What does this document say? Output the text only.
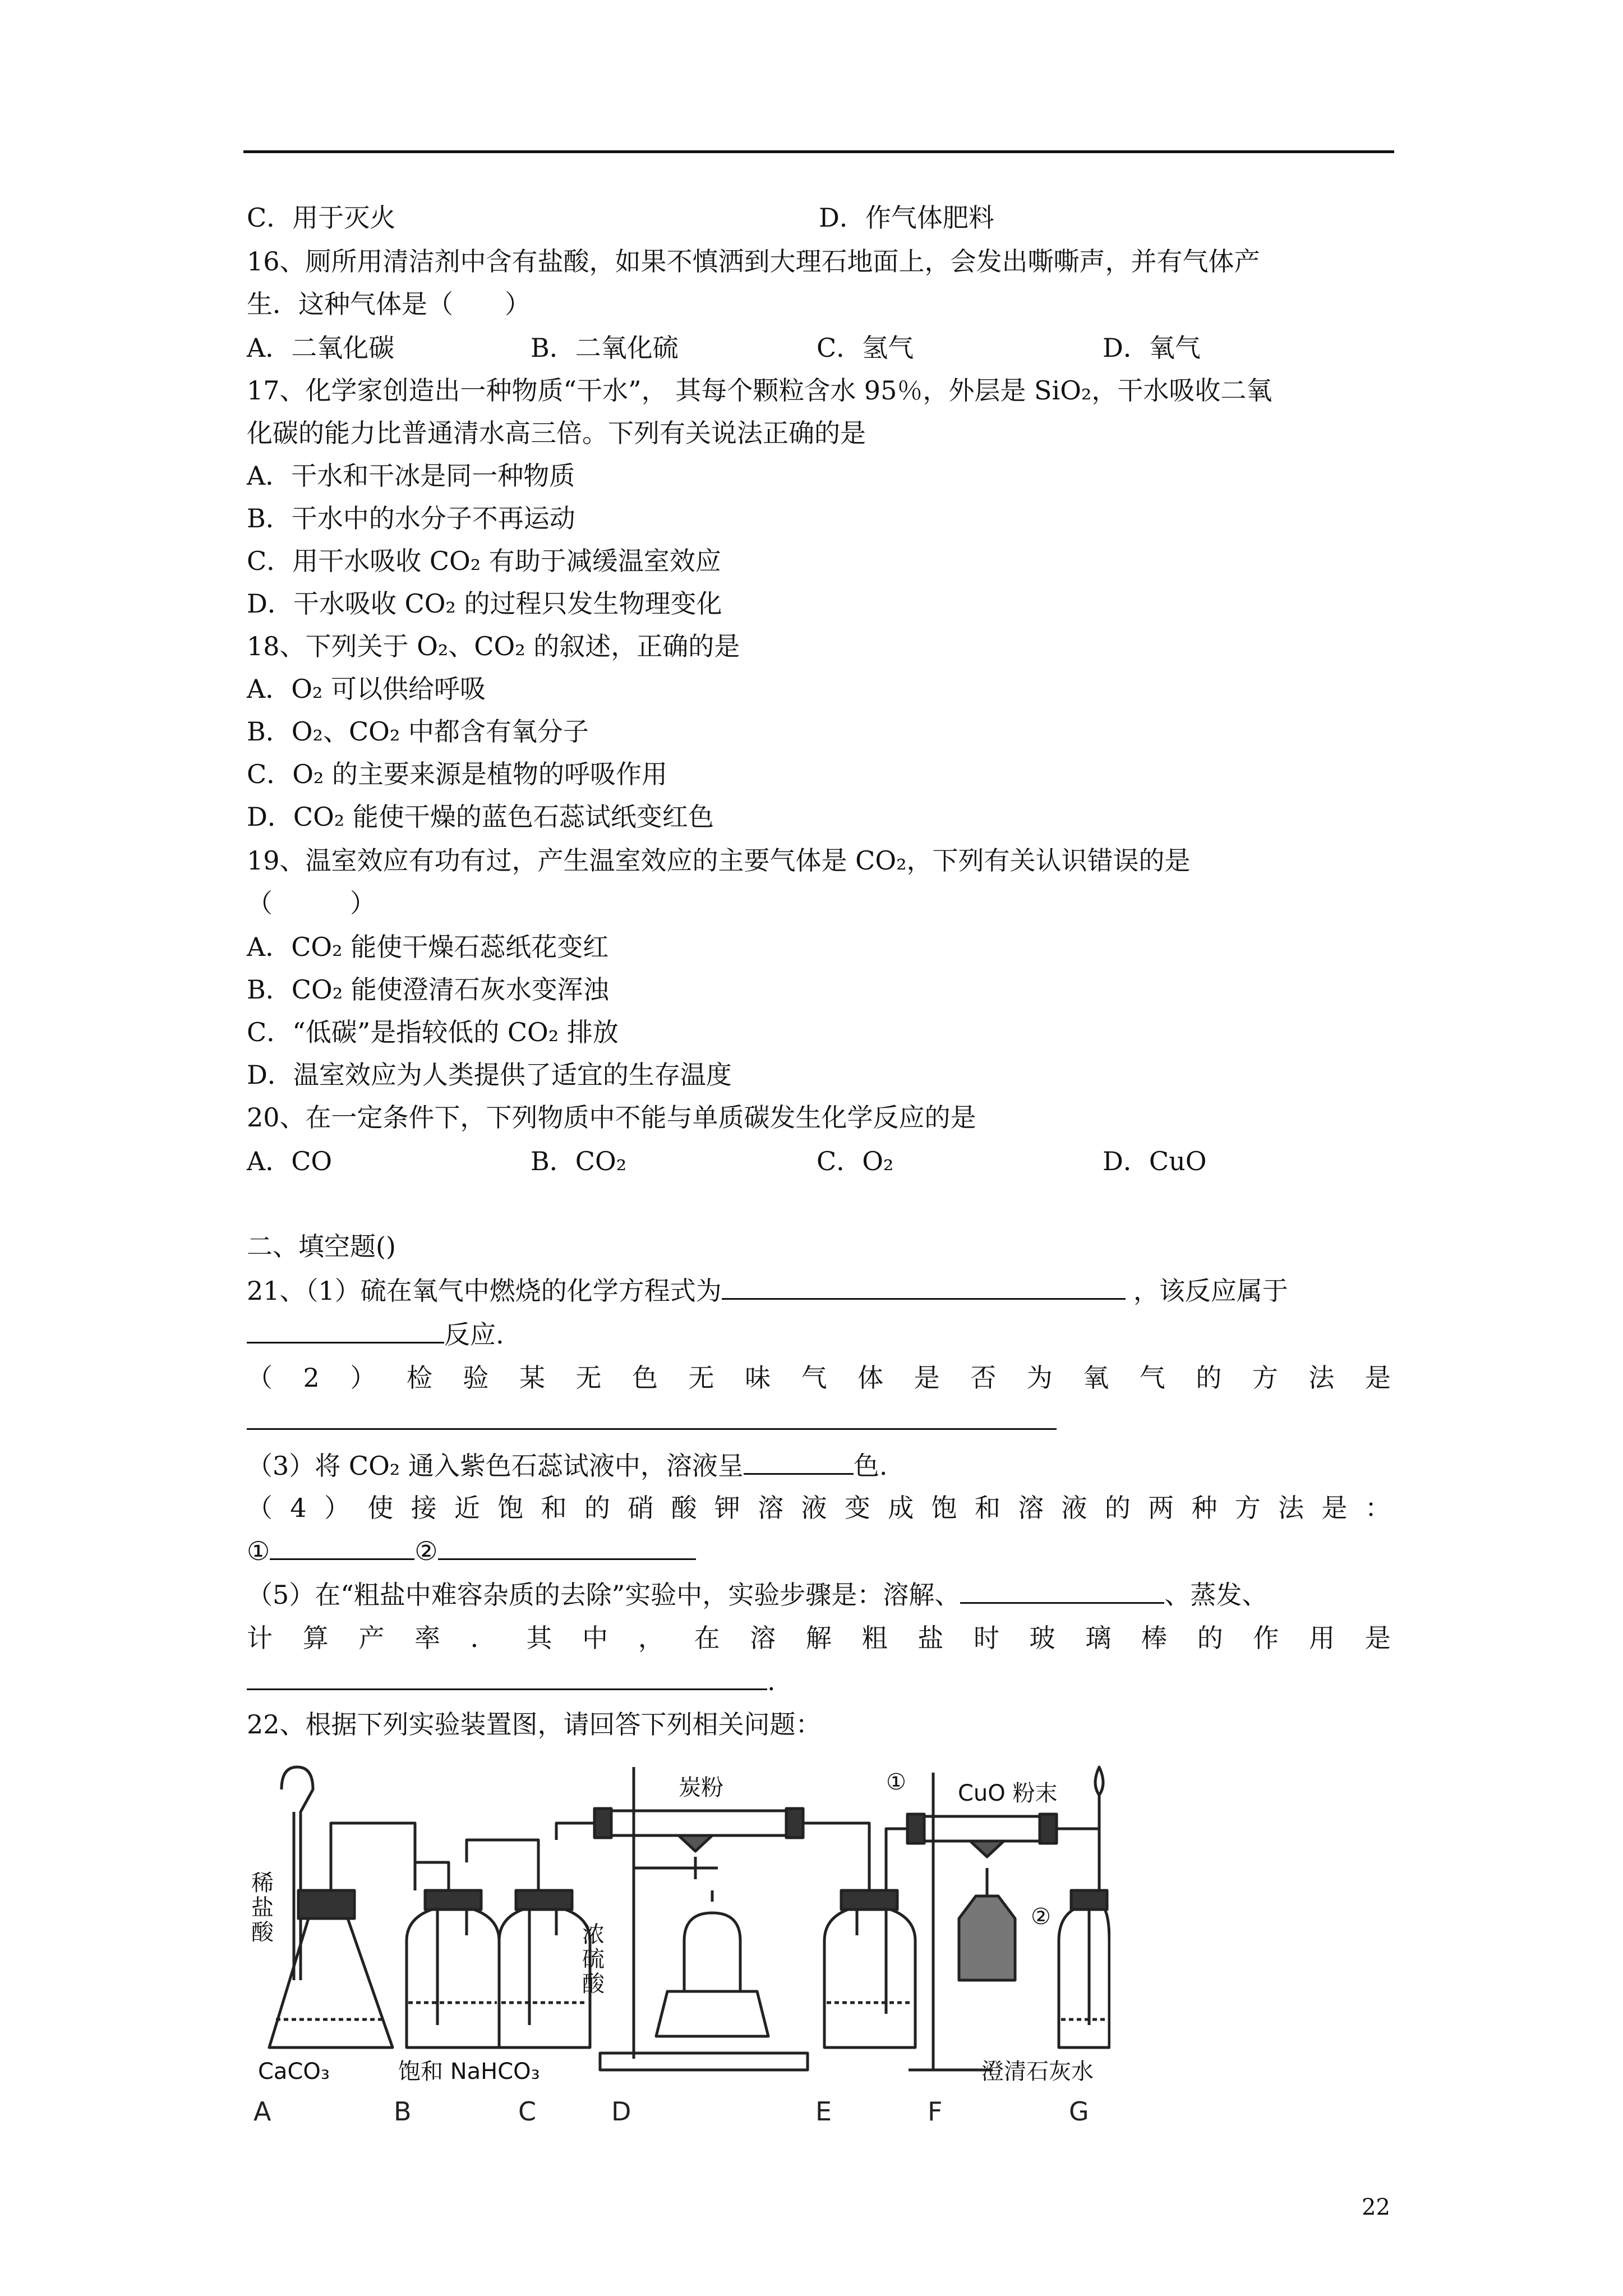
C．用于灭火	D．作气体肥料
16、厕所用清洁剂中含有盐酸，如果不慎洒到大理石地面上，会发出嘶嘶声，并有气体产
生．这种气体是（　　）
A．二氧化碳	B．二氧化硫	C．氢气	D．氧气
17、化学家创造出一种物质“干水”， 其每个颗粒含水 95％，外层是 SiO₂，干水吸收二氧
化碳的能力比普通清水高三倍。下列有关说法正确的是
A．干水和干冰是同一种物质
B．干水中的水分子不再运动
C．用干水吸收 CO₂ 有助于减缓温室效应
D．干水吸收 CO₂ 的过程只发生物理变化
18、下列关于 O₂、CO₂ 的叙述，正确的是
A．O₂ 可以供给呼吸
B．O₂、CO₂ 中都含有氧分子
C．O₂ 的主要来源是植物的呼吸作用
D．CO₂ 能使干燥的蓝色石蕊试纸变红色
19、温室效应有功有过，产生温室效应的主要气体是 CO₂，下列有关认识错误的是
（　　　）
A．CO₂ 能使干燥石蕊纸花变红
B．CO₂ 能使澄清石灰水变浑浊
C．“低碳”是指较低的 CO₂ 排放
D．温室效应为人类提供了适宜的生存温度
20、在一定条件下，下列物质中不能与单质碳发生化学反应的是
A．CO	B．CO₂	C．O₂	D．CuO
二、填空题()
21、（1）硫在氧气中燃烧的化学方程式为	，该反应属于
反应.
（ 2 ） 检 验 某 无 色 无 味 气 体 是 否 为 氧 气 的 方 法 是
（3）将 CO₂ 通入紫色石蕊试液中，溶液呈	色.
（ 4 ） 使 接 近 饱 和 的 硝 酸 钾 溶 液 变 成 饱 和 溶 液 的 两 种 方 法 是 ：
①	②
（5）在“粗盐中难容杂质的去除”实验中，实验步骤是：溶解、	、蒸发、
计 算 产 率 ． 其 中 ， 在 溶 解 粗 盐 时 玻 璃 棒 的 作 用 是
.
22、根据下列实验装置图，请回答下列相关问题：
稀
盐
酸
CaCO₃	饱和 NaHCO₃
浓
硫
酸
炭粉	① CuO 粉末
②
澄清石灰水
A	B	C	D	E	F	G
22
